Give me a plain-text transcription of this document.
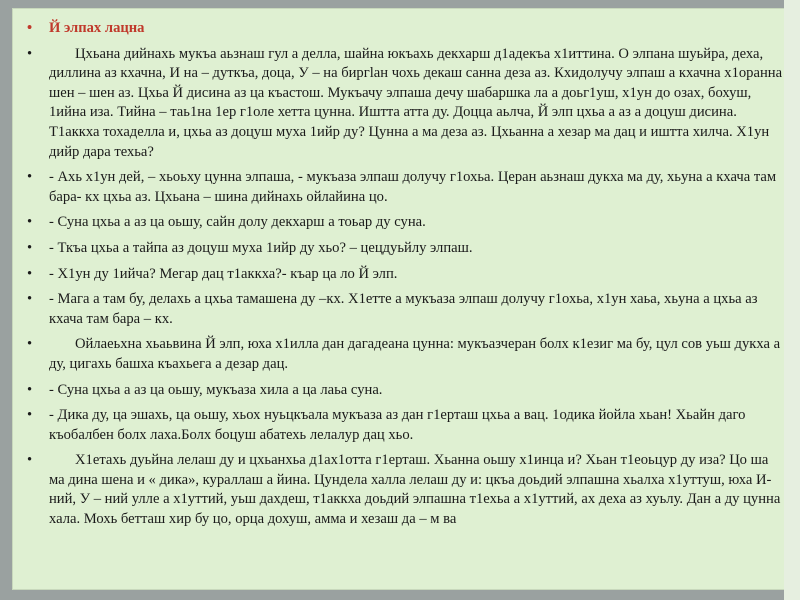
•	Й элпах лацна
•	Цхьана дийнахь мукъа аьзнаш гул а делла, шайна юкъахь декхарш д1адекъа х1иттина. О элпана шуьйра, деха, диллина аз кхачна, И на – дуткъа, доца, У – на биргlан чохь декаш санна деза аз. Кхидолучу элпаш а кхачна х1оранна шен – шен аз. Цхьа Й дисина аз ца къастош. Мукъачу элпаша дечу шабаршка ла а доьг1уш, х1ун до озах, бохуш, 1ийна иза. Тийна – таь1на 1ер г1оле хетта цунна. Иштта атта ду. Доцца аьлча, Й элп цхьа а аз а доцуш дисина. Т1аккха тохаделла и, цхьа аз доцуш муха 1ийр ду? Цунна а ма деза аз. Цхьанна а хезар ма дац и иштта хилча. Х1ун дийр дара техьа?
•	- Ахь х1ун дей, – хьоьху цунна элпаша, - мукъаза элпаш долучу г1охьа. Церан аьзнаш дукха ма ду, хьуна а кхача там бара- кх цхьа аз. Цхьана – шина дийнахь ойлайина цо.
•	- Суна цхьа а аз ца оьшу, сайн долу декхарш а тоьар ду суна.
•	- Ткъа цхьа а тайпа аз доцуш муха 1ийр ду хьо? – цецдуьйлу элпаш.
•	- Х1ун ду 1ийча? Мегар дац т1аккха?- къар ца ло Й элп.
•	- Мага а там бу, делахь а цхьа тамашена ду –кх. Х1етте а мукъаза элпаш долучу г1охьа, х1ун хаьа, хьуна а цхьа аз кхача там бара – кх.
•	Ойлаеьхна хьаьвина Й элп, юха х1илла дан дагадеана цунна: мукъазчеран болх к1езиг ма бу, цул сов уьш дукха а ду, цигахь башха къахьега а дезар дац.
•	- Суна цхьа а аз ца оьшу, мукъаза хила а ца лаьа суна.
•	- Дика ду, ца эшахь, ца оьшу, хьох нуьцкъала мукъаза аз дан г1ерташ цхьа а вац. 1одика йойла хьан! Хьайн даго къобалбен болх лаха.Болх боцуш абатехь лелалур дац хьо.
•	Х1етахь дуьйна лелаш ду и цхьанхьа д1ах1отта г1ерташ. Хьанна оьшу х1инца и? Хьан т1еоьцур ду иза? Цо ша ма дина шена и « дика», кураллаш а йина. Цундела халла лелаш ду и: цкъа доьдий элпашна хьалха х1уттуш, юха И- ний, У – ний улле а х1уттий, уьш дахдеш, т1аккха доьдий элпашна т1ехьа а х1уттий, ах деха аз хуьлу. Дан а ду цунна хала. Мохь бетташ хир бу цо, орца дохуш, амма и хезаш да – м ва
